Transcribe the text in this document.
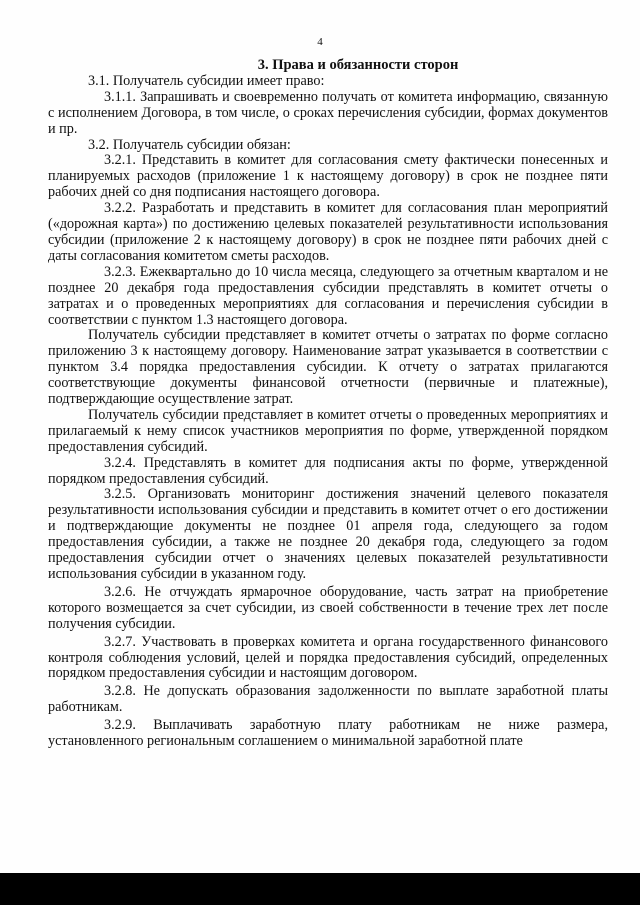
4

3. Права и обязанности сторон

3.1. Получатель субсидии имеет право:

3.1.1. Запрашивать и своевременно получать от комитета информацию, связанную с исполнением Договора, в том числе, о сроках перечисления субсидии, формах документов и пр.

3.2. Получатель субсидии обязан:

3.2.1. Представить в комитет для согласования смету фактически понесенных и планируемых расходов (приложение 1 к настоящему договору) в срок не позднее пяти рабочих дней со дня подписания настоящего договора.

3.2.2. Разработать и представить в комитет для согласования план мероприятий («дорожная карта») по достижению целевых показателей результативности использования субсидии (приложение 2 к настоящему договору) в срок не позднее пяти рабочих дней с даты согласования комитетом сметы расходов.

3.2.3. Ежеквартально до 10 числа месяца, следующего за отчетным кварталом и не позднее 20 декабря года предоставления субсидии представлять в комитет отчеты о затратах и о проведенных мероприятиях для согласования и перечисления субсидии в соответствии с пунктом 1.3 настоящего договора.

Получатель субсидии представляет в комитет отчеты о затратах по форме согласно приложению 3 к настоящему договору. Наименование затрат указывается в соответствии с пунктом 3.4 порядка предоставления субсидии. К отчету о затратах прилагаются соответствующие документы финансовой отчетности (первичные и платежные), подтверждающие осуществление затрат.

Получатель субсидии представляет в комитет отчеты о проведенных мероприятиях и прилагаемый к нему список участников мероприятия по форме, утвержденной порядком предоставления субсидий.

3.2.4. Представлять в комитет для подписания акты по форме, утвержденной порядком предоставления субсидий.

3.2.5. Организовать мониторинг достижения значений целевого показателя результативности использования субсидии и представить в комитет отчет о его достижении и подтверждающие документы не позднее 01 апреля года, следующего за годом предоставления субсидии, а также не позднее 20 декабря года, следующего за годом предоставления субсидии отчет о значениях целевых показателей результативности использования субсидии в указанном году.

3.2.6. Не отчуждать ярмарочное оборудование, часть затрат на приобретение которого возмещается за счет субсидии, из своей собственности в течение трех лет после получения субсидии.

3.2.7. Участвовать в проверках комитета и органа государственного финансового контроля соблюдения условий, целей и порядка предоставления субсидий, определенных порядком предоставления субсидии и настоящим договором.

3.2.8. Не допускать образования задолженности по выплате заработной платы работникам.

3.2.9. Выплачивать заработную плату работникам не ниже размера, установленного региональным соглашением о минимальной заработной плате
